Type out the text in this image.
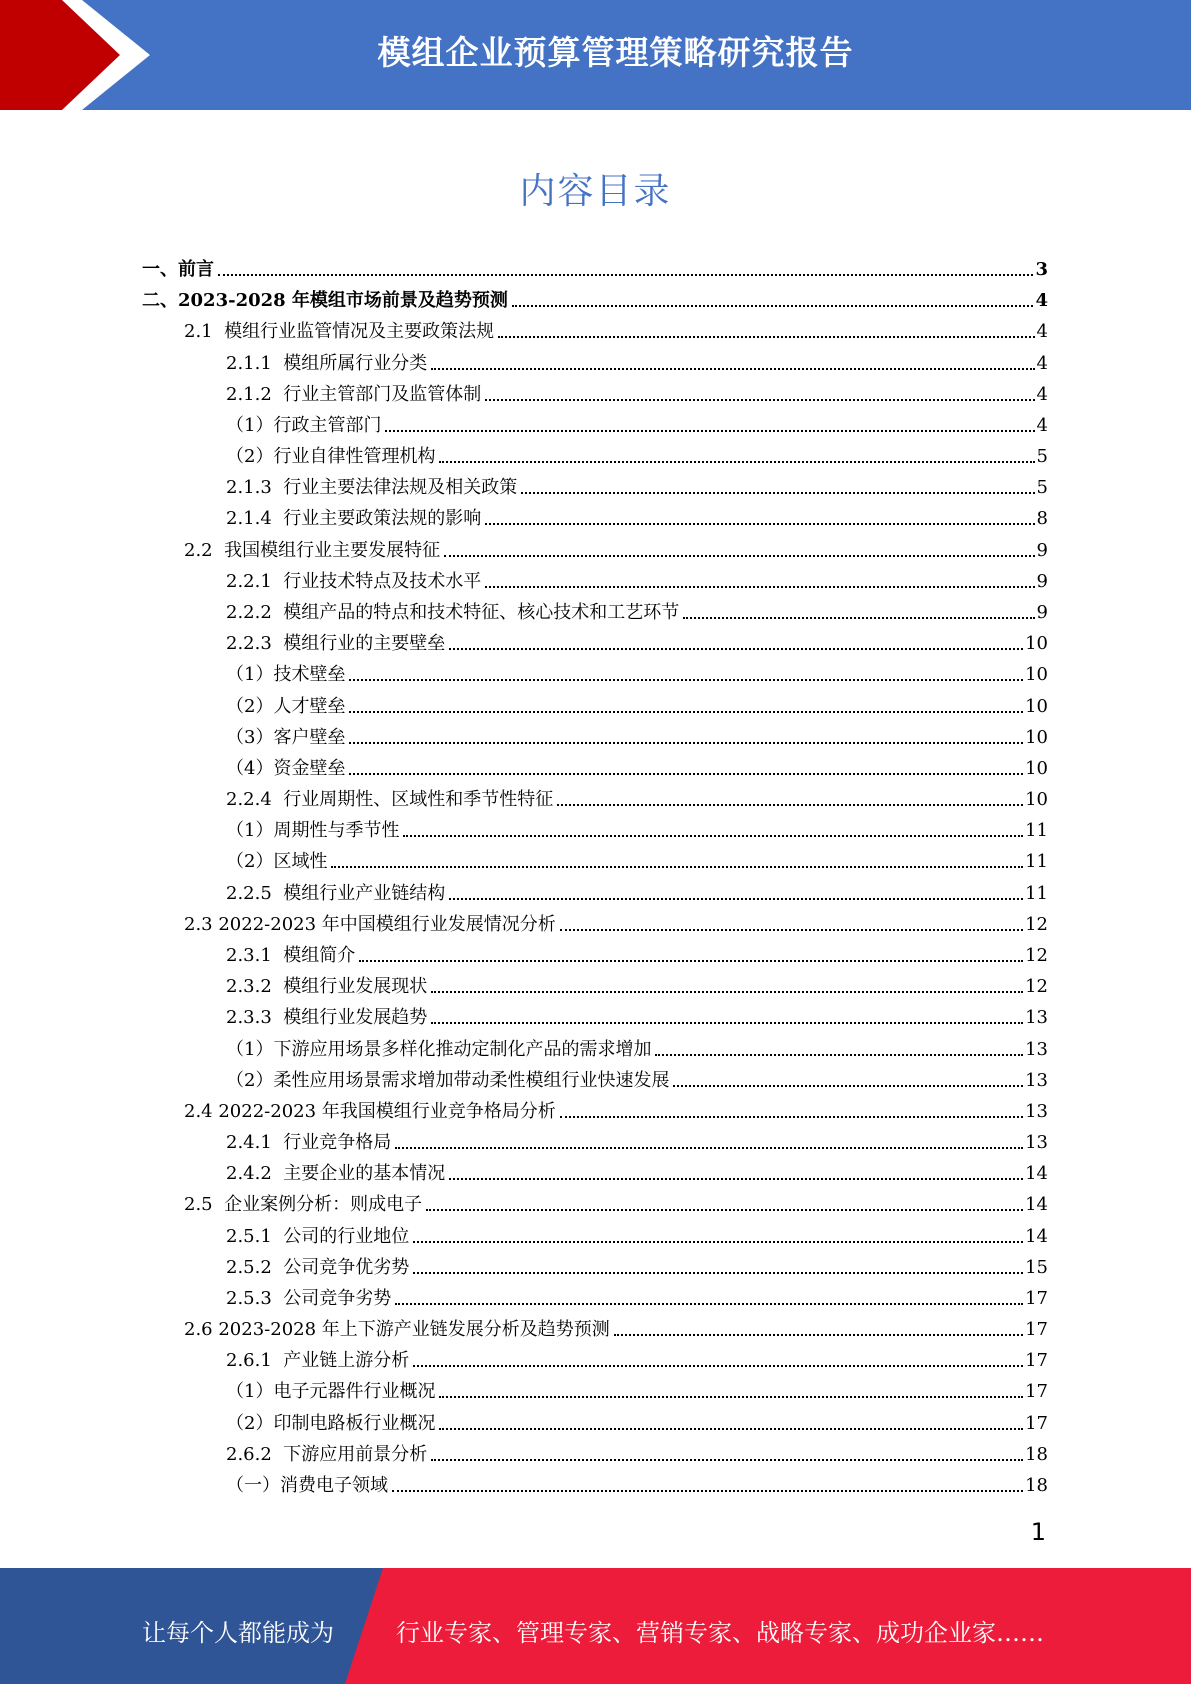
模组企业预算管理策略研究报告
内容目录
一、前言	3
二、2023-2028 年模组市场前景及趋势预测	4
2.1  模组行业监管情况及主要政策法规	4
2.1.1  模组所属行业分类	4
2.1.2  行业主管部门及监管体制	4
（1）行政主管部门	4
（2）行业自律性管理机构	5
2.1.3  行业主要法律法规及相关政策	5
2.1.4  行业主要政策法规的影响	8
2.2  我国模组行业主要发展特征	9
2.2.1  行业技术特点及技术水平	9
2.2.2  模组产品的特点和技术特征、核心技术和工艺环节	9
2.2.3  模组行业的主要壁垒	10
（1）技术壁垒	10
（2）人才壁垒	10
（3）客户壁垒	10
（4）资金壁垒	10
2.2.4  行业周期性、区域性和季节性特征	10
（1）周期性与季节性	11
（2）区域性	11
2.2.5  模组行业产业链结构	11
2.3 2022-2023 年中国模组行业发展情况分析	12
2.3.1  模组简介	12
2.3.2  模组行业发展现状	12
2.3.3  模组行业发展趋势	13
（1）下游应用场景多样化推动定制化产品的需求增加	13
（2）柔性应用场景需求增加带动柔性模组行业快速发展	13
2.4 2022-2023 年我国模组行业竞争格局分析	13
2.4.1  行业竞争格局	13
2.4.2  主要企业的基本情况	14
2.5  企业案例分析：则成电子	14
2.5.1  公司的行业地位	14
2.5.2  公司竞争优劣势	15
2.5.3  公司竞争劣势	17
2.6 2023-2028 年上下游产业链发展分析及趋势预测	17
2.6.1  产业链上游分析	17
（1）电子元器件行业概况	17
（2）印制电路板行业概况	17
2.6.2  下游应用前景分析	18
（一）消费电子领域	18
1
让每个人都能成为	行业专家、管理专家、营销专家、战略专家、成功企业家……
